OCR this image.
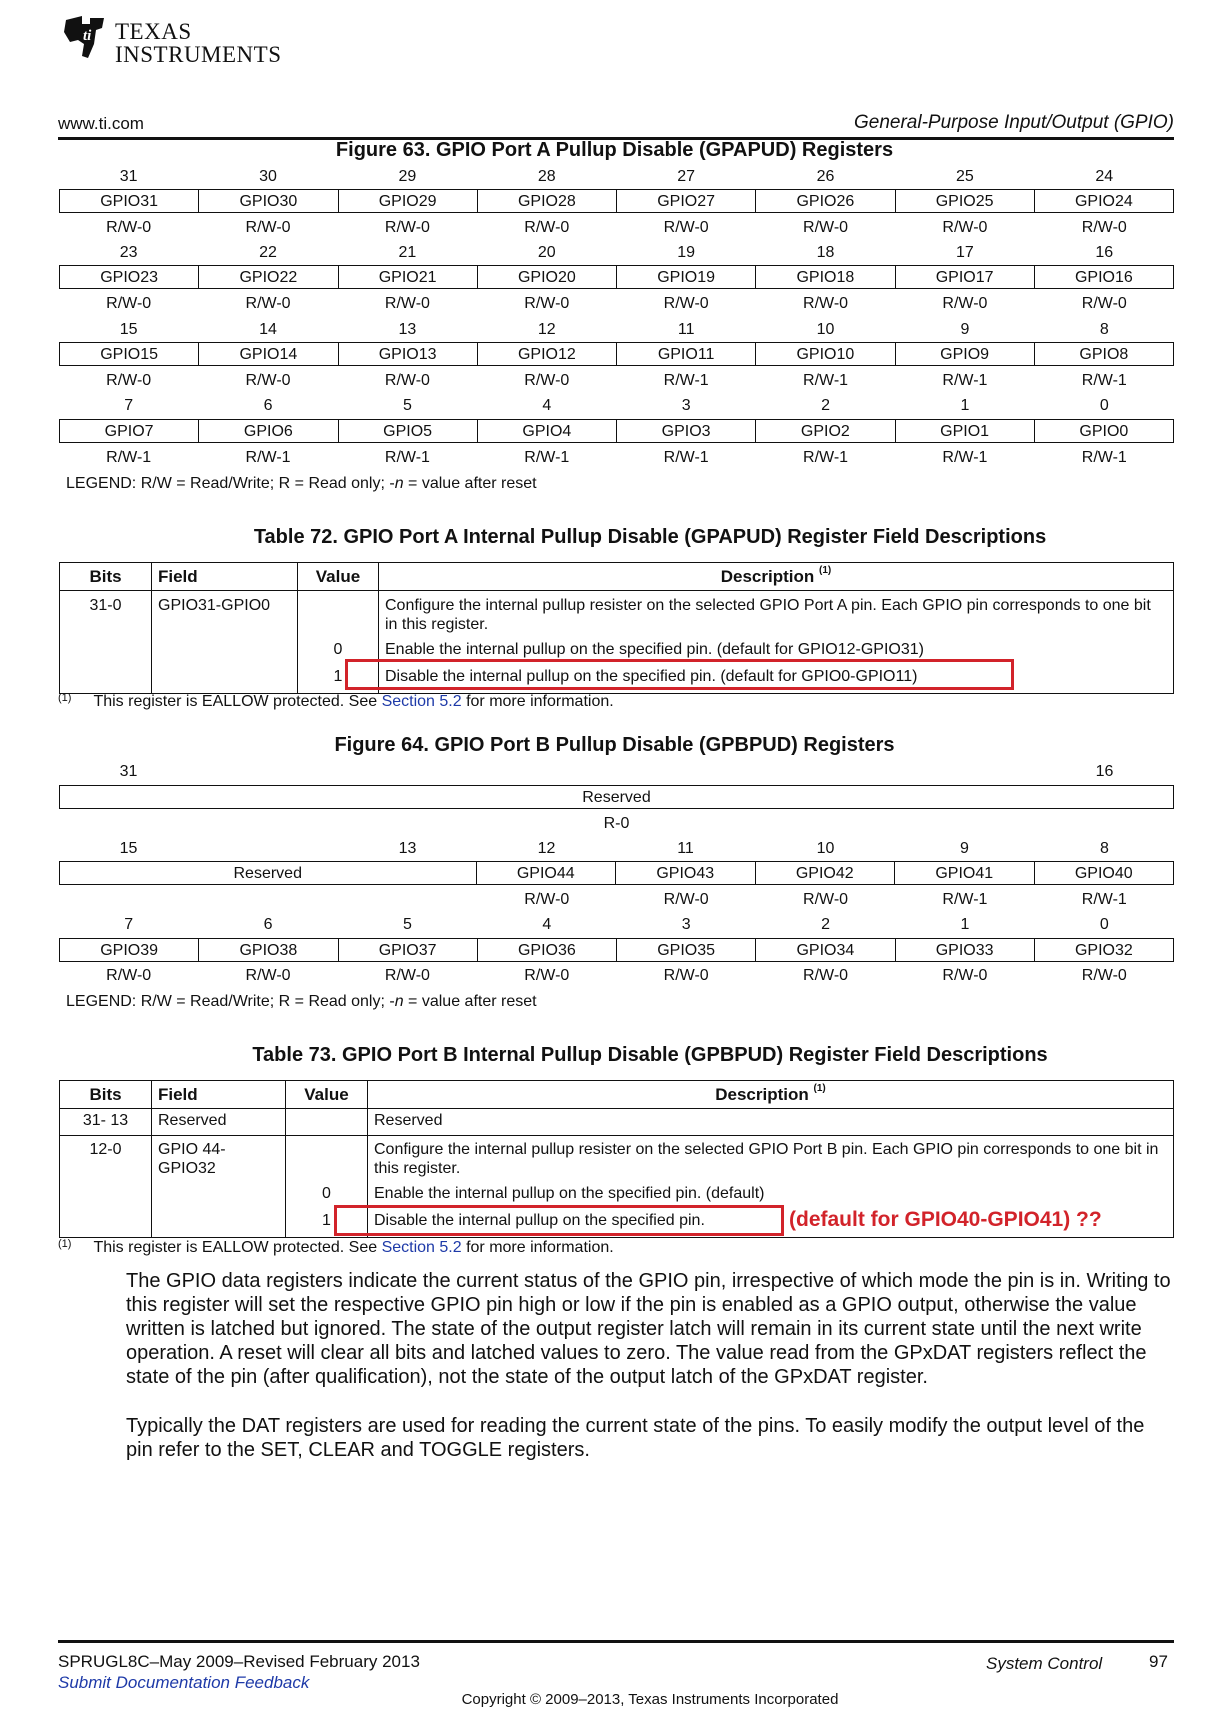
ti TEXAS
INSTRUMENTS
www.ti.com	General-Purpose Input/Output (GPIO)
Figure 63. GPIO Port A Pullup Disable (GPAPUD) Registers
31	30	29	28	27	26	25	24
GPIO31	GPIO30	GPIO29	GPIO28	GPIO27	GPIO26	GPIO25	GPIO24
R/W-0	R/W-0	R/W-0	R/W-0	R/W-0	R/W-0	R/W-0	R/W-0
23	22	21	20	19	18	17	16
GPIO23	GPIO22	GPIO21	GPIO20	GPIO19	GPIO18	GPIO17	GPIO16
R/W-0	R/W-0	R/W-0	R/W-0	R/W-0	R/W-0	R/W-0	R/W-0
15	14	13	12	11	10	9	8
GPIO15	GPIO14	GPIO13	GPIO12	GPIO11	GPIO10	GPIO9	GPIO8
R/W-0	R/W-0	R/W-0	R/W-0	R/W-1	R/W-1	R/W-1	R/W-1
7	6	5	4	3	2	1	0
GPIO7	GPIO6	GPIO5	GPIO4	GPIO3	GPIO2	GPIO1	GPIO0
R/W-1	R/W-1	R/W-1	R/W-1	R/W-1	R/W-1	R/W-1	R/W-1
LEGEND: R/W = Read/Write; R = Read only; -n = value after reset
Table 72. GPIO Port A Internal Pullup Disable (GPAPUD) Register Field Descriptions
Bits	Field	Value	Description $^{(1)}$
31-0	GPIO31-GPIO0		Configure the internal pullup resister on the selected GPIO Port A pin. Each GPIO pin corresponds to one bit in this register.
		0	Enable the internal pullup on the specified pin. (default for GPIO12-GPIO31)
		1	Disable the internal pullup on the specified pin. (default for GPIO0-GPIO11)
$^{(1)}$ This register is EALLOW protected. See Section 5.2 for more information.
Figure 64. GPIO Port B Pullup Disable (GPBPUD) Registers
31	16
Reserved
R-0
15	13	12	11	10	9	8
Reserved	GPIO44	GPIO43	GPIO42	GPIO41	GPIO40
R/W-0	R/W-0	R/W-0	R/W-1	R/W-1
7	6	5	4	3	2	1	0
GPIO39	GPIO38	GPIO37	GPIO36	GPIO35	GPIO34	GPIO33	GPIO32
R/W-0	R/W-0	R/W-0	R/W-0	R/W-0	R/W-0	R/W-0	R/W-0
LEGEND: R/W = Read/Write; R = Read only; -n = value after reset
Table 73. GPIO Port B Internal Pullup Disable (GPBPUD) Register Field Descriptions
Bits	Field	Value	Description $^{(1)}$
31- 13	Reserved		Reserved
12-0	GPIO 44-GPIO32		Configure the internal pullup resister on the selected GPIO Port B pin. Each GPIO pin corresponds to one bit in this register.
		0	Enable the internal pullup on the specified pin. (default)
		1	Disable the internal pullup on the specified pin.	(default for GPIO40-GPIO41) ??
$^{(1)}$ This register is EALLOW protected. See Section 5.2 for more information.
The GPIO data registers indicate the current status of the GPIO pin, irrespective of which mode the pin is in. Writing to this register will set the respective GPIO pin high or low if the pin is enabled as a GPIO output, otherwise the value written is latched but ignored. The state of the output register latch will remain in its current state until the next write operation. A reset will clear all bits and latched values to zero. The value read from the GPxDAT registers reflect the state of the pin (after qualification), not the state of the output latch of the GPxDAT register.
Typically the DAT registers are used for reading the current state of the pins. To easily modify the output level of the pin refer to the SET, CLEAR and TOGGLE registers.
SPRUGL8C–May 2009–Revised February 2013
Submit Documentation Feedback
System Control	97
Copyright © 2009–2013, Texas Instruments Incorporated
